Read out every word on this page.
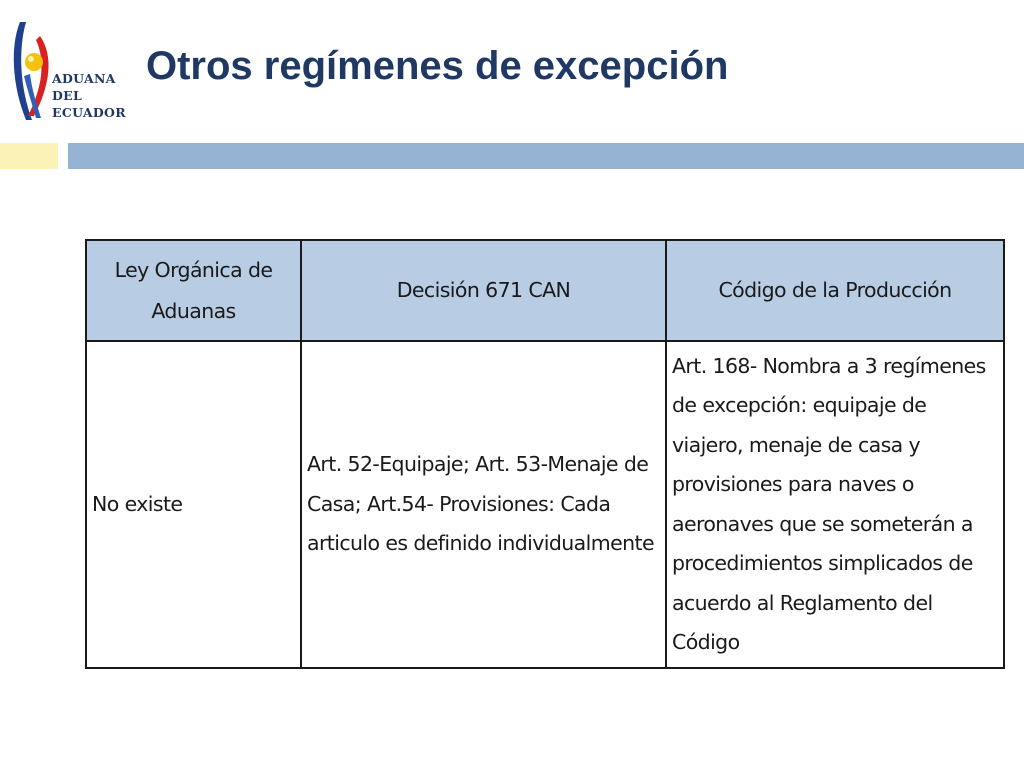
ADUANA
DEL
ECUADOR
Otros regímenes de excepción
Ley Orgánica de Aduanas	Decisión 671 CAN	Código de la Producción
No existe	Art. 52-Equipaje; Art. 53-Menaje de Casa; Art.54- Provisiones: Cada articulo es definido individualmente	Art. 168- Nombra a 3 regímenes de excepción: equipaje de viajero, menaje de casa y provisiones para naves o aeronaves que se someterán a procedimientos simplicados de acuerdo al Reglamento del Código
